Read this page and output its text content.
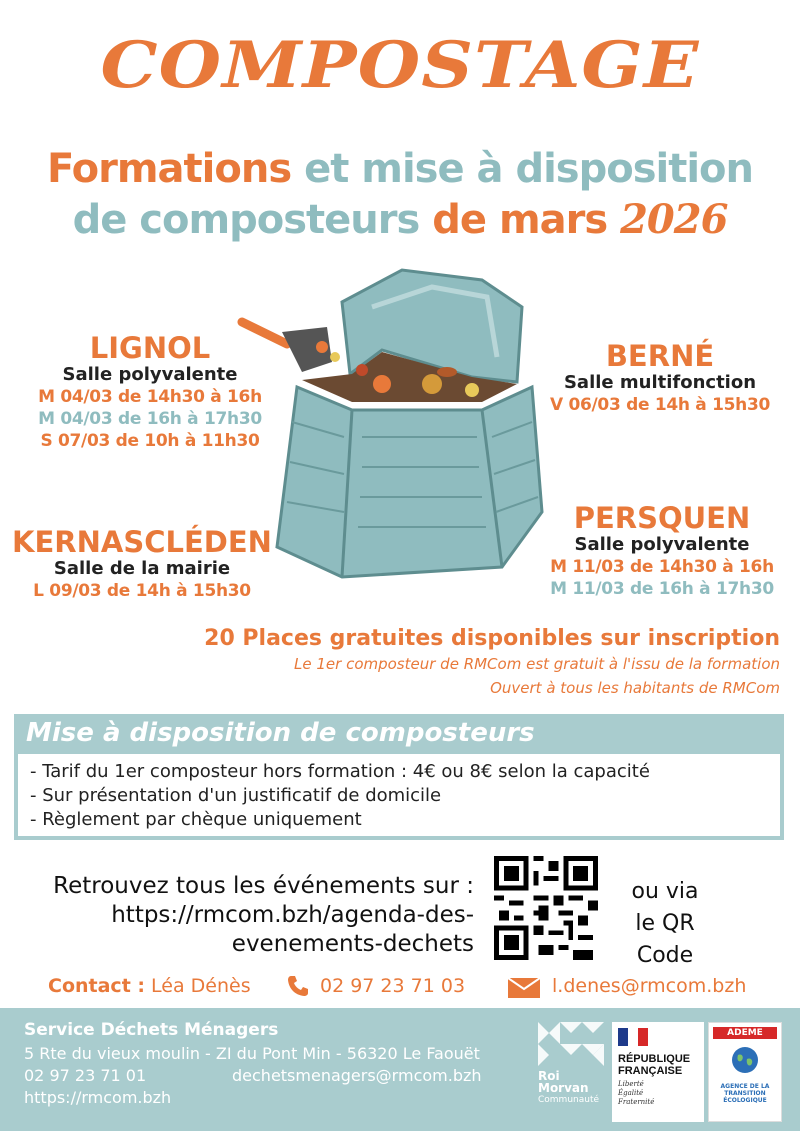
COMPOSTAGE
Formations et mise à disposition
de composteurs de mars 2026
LIGNOL
Salle polyvalente
M 04/03 de 14h30 à 16h
M 04/03 de 16h à 17h30
S 07/03 de 10h à 11h30
BERNÉ
Salle multifonction
V 06/03 de 14h à 15h30
KERNASCLÉDEN
Salle de la mairie
L 09/03 de 14h à 15h30
PERSQUEN
Salle polyvalente
M 11/03 de 14h30 à 16h
M 11/03 de 16h à 17h30
20 Places gratuites disponibles sur inscription
Le 1er composteur de RMCom est gratuit à l'issu de la formation
Ouvert à tous les habitants de RMCom
Mise à disposition de composteurs
- Tarif du 1er composteur hors formation : 4€ ou 8€ selon la capacité
- Sur présentation d'un justificatif de domicile
- Règlement par chèque uniquement
Retrouvez tous les événements sur :
https://rmcom.bzh/agenda-des-
evenements-dechets
ou via
le QR Code
Contact : Léa Dénès	02 97 23 71 03	l.denes@rmcom.bzh
Service Déchets Ménagers
5 Rte du vieux moulin - ZI du Pont Min - 56320 Le Faouët
02 97 23 71 01	dechetsmenagers@rmcom.bzh
https://rmcom.bzh
Roi
Morvan
Communauté
RÉPUBLIQUE
FRANÇAISE
Liberté
Égalité
Fraternité
ADEME
AGENCE DE LA TRANSITION ÉCOLOGIQUE
